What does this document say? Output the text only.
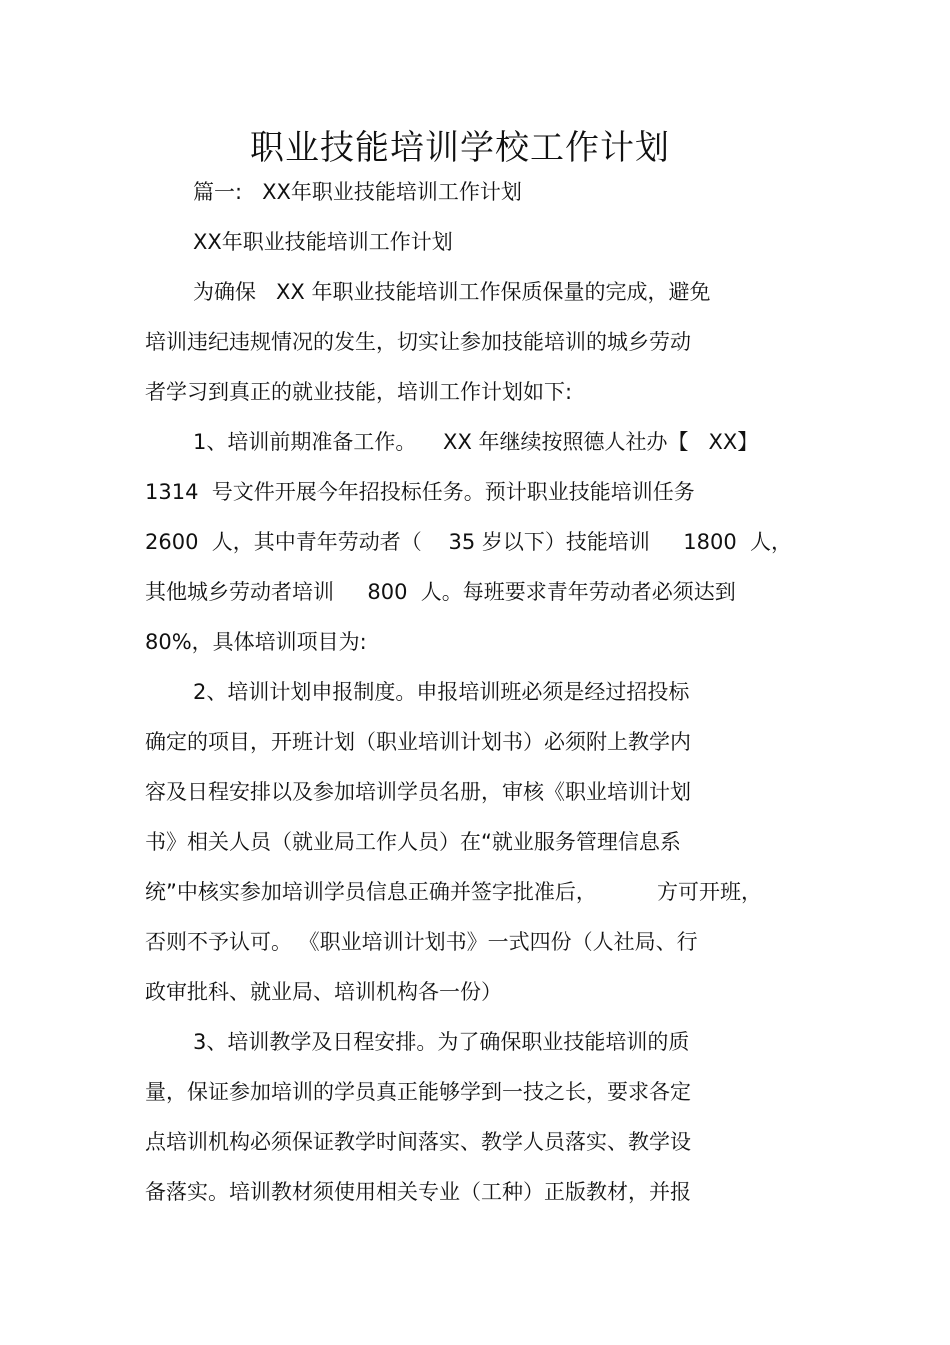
职业技能培训学校工作计划
篇一:   XX年职业技能培训工作计划
XX年职业技能培训工作计划
为确保   XX 年职业技能培训工作保质保量的完成，避免
培训违纪违规情况的发生，切实让参加技能培训的城乡劳动
者学习到真正的就业技能，培训工作计划如下:
1、培训前期准备工作。    XX 年继续按照德人社办【   XX】
1314  号文件开展今年招投标任务。预计职业技能培训任务
2600  人，其中青年劳动者（    35 岁以下）技能培训     1800  人，
其他城乡劳动者培训     800  人。每班要求青年劳动者必须达到
80%，具体培训项目为:
2、培训计划申报制度。申报培训班必须是经过招投标
确定的项目，开班计划（职业培训计划书）必须附上教学内
容及日程安排以及参加培训学员名册，审核《职业培训计划
书》相关人员（就业局工作人员）在“就业服务管理信息系
统”中核实参加培训学员信息正确并签字批准后，         方可开班，
否则不予认可。 《职业培训计划书》一式四份（人社局、行
政审批科、就业局、培训机构各一份）
3、培训教学及日程安排。为了确保职业技能培训的质
量，保证参加培训的学员真正能够学到一技之长，要求各定
点培训机构必须保证教学时间落实、教学人员落实、教学设
备落实。培训教材须使用相关专业（工种）正版教材，并报
